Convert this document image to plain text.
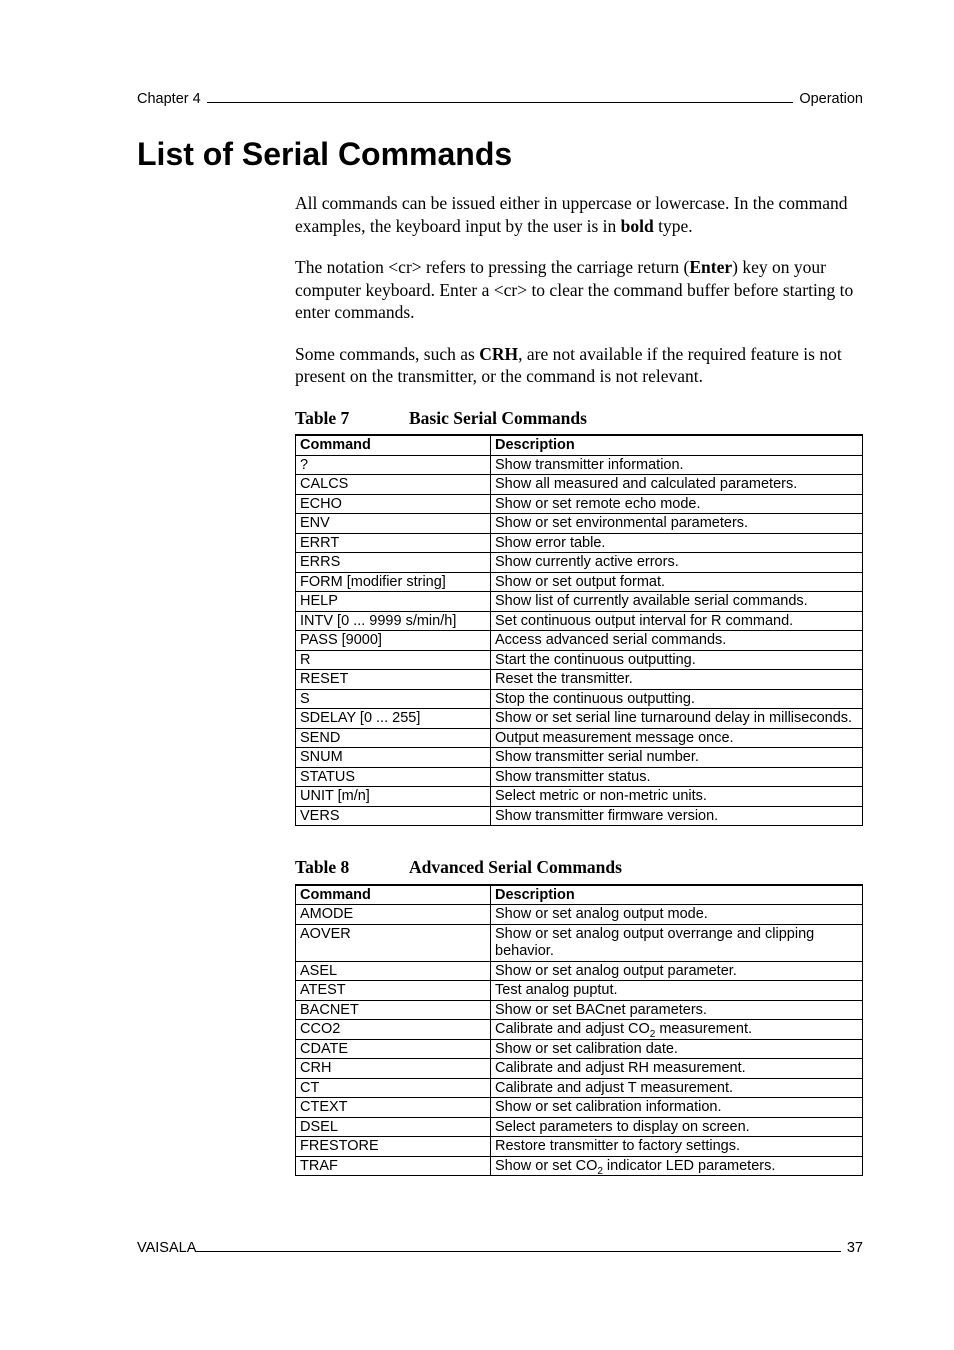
Chapter 4	Operation
List of Serial Commands

All commands can be issued either in uppercase or lowercase. In the command examples, the keyboard input by the user is in bold type.

The notation <cr> refers to pressing the carriage return (Enter) key on your computer keyboard. Enter a <cr> to clear the command buffer before starting to enter commands.

Some commands, such as CRH, are not available if the required feature is not present on the transmitter, or the command is not relevant.

Table 7	Basic Serial Commands
Command	Description
?	Show transmitter information.
CALCS	Show all measured and calculated parameters.
ECHO	Show or set remote echo mode.
ENV	Show or set environmental parameters.
ERRT	Show error table.
ERRS	Show currently active errors.
FORM [modifier string]	Show or set output format.
HELP	Show list of currently available serial commands.
INTV [0 ... 9999 s/min/h]	Set continuous output interval for R command.
PASS [9000]	Access advanced serial commands.
R	Start the continuous outputting.
RESET	Reset the transmitter.
S	Stop the continuous outputting.
SDELAY [0 ... 255]	Show or set serial line turnaround delay in milliseconds.
SEND	Output measurement message once.
SNUM	Show transmitter serial number.
STATUS	Show transmitter status.
UNIT [m/n]	Select metric or non-metric units.
VERS	Show transmitter firmware version.
Table 8	Advanced Serial Commands
Command	Description
AMODE	Show or set analog output mode.
AOVER	Show or set analog output overrange and clipping behavior.
ASEL	Show or set analog output parameter.
ATEST	Test analog puptut.
BACNET	Show or set BACnet parameters.
CCO2	Calibrate and adjust $CO_2$ measurement.
CDATE	Show or set calibration date.
CRH	Calibrate and adjust RH measurement.
CT	Calibrate and adjust T measurement.
CTEXT	Show or set calibration information.
DSEL	Select parameters to display on screen.
FRESTORE	Restore transmitter to factory settings.
TRAF	Show or set $CO_2$ indicator LED parameters.
VAISALA	37
